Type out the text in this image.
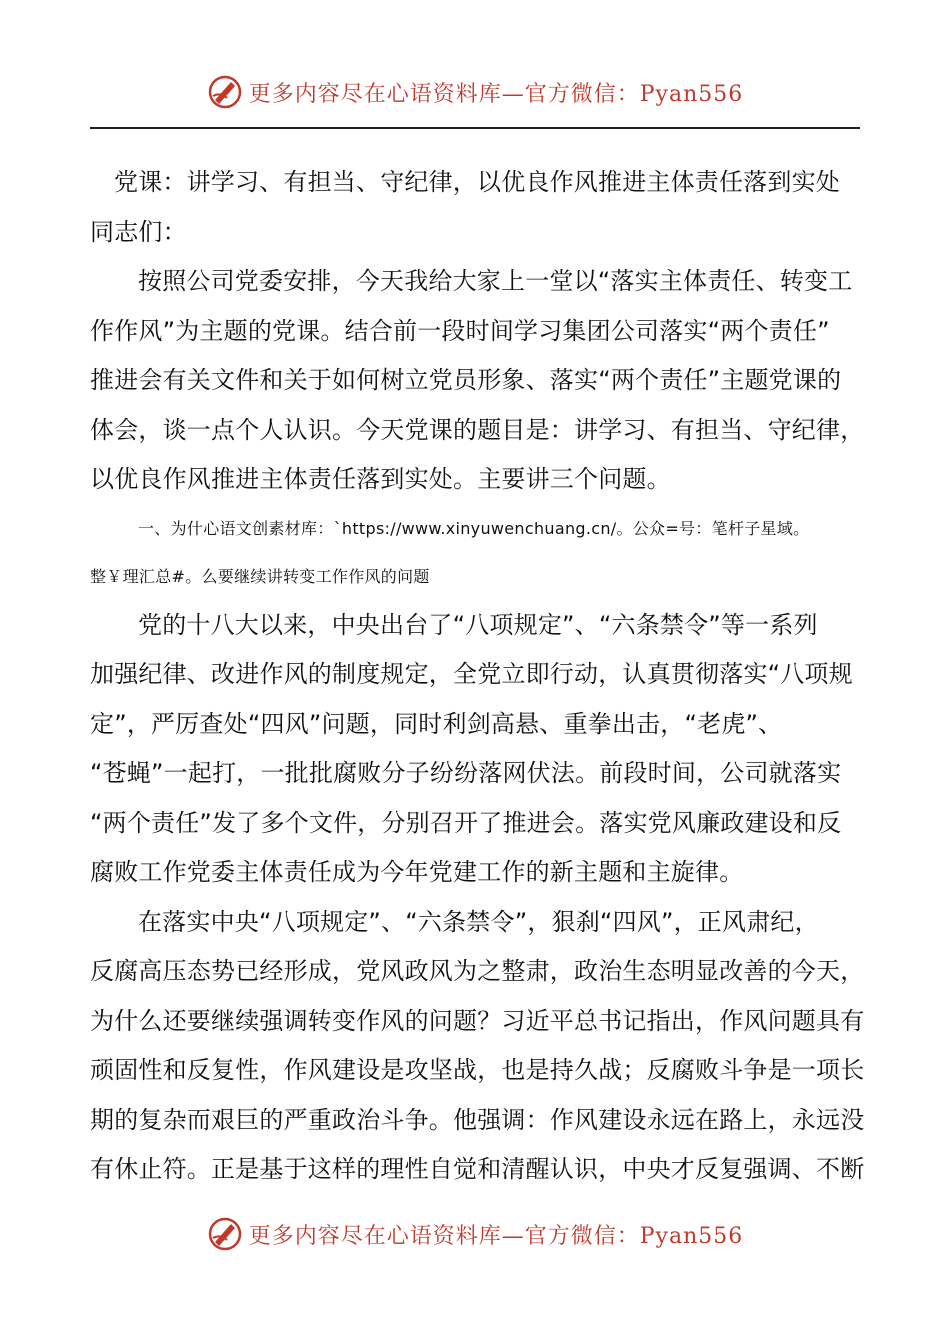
更多内容尽在心语资料库—官方微信：Pyan556
党课：讲学习、有担当、守纪律，以优良作风推进主体责任落到实处
同志们：
按照公司党委安排，今天我给大家上一堂以“落实主体责任、转变工
作作风”为主题的党课。结合前一段时间学习集团公司落实“两个责任”
推进会有关文件和关于如何树立党员形象、落实“两个责任”主题党课的
体会，谈一点个人认识。今天党课的题目是：讲学习、有担当、守纪律，
以优良作风推进主体责任落到实处。主要讲三个问题。
一、为什心语文创素材库：`https://www.xinyuwenchuang.cn/。公众=号：笔杆子星域。
整￥理汇总#。么要继续讲转变工作作风的问题
党的十八大以来，中央出台了“八项规定”、“六条禁令”等一系列
加强纪律、改进作风的制度规定，全党立即行动，认真贯彻落实“八项规
定”，严厉查处“四风”问题，同时利剑高悬、重拳出击，“老虎”、
“苍蝇”一起打，一批批腐败分子纷纷落网伏法。前段时间，公司就落实
“两个责任”发了多个文件，分别召开了推进会。落实党风廉政建设和反
腐败工作党委主体责任成为今年党建工作的新主题和主旋律。
在落实中央“八项规定”、“六条禁令”，狠刹“四风”，正风肃纪，
反腐高压态势已经形成，党风政风为之整肃，政治生态明显改善的今天，
为什么还要继续强调转变作风的问题？习近平总书记指出，作风问题具有
顽固性和反复性，作风建设是攻坚战，也是持久战；反腐败斗争是一项长
期的复杂而艰巨的严重政治斗争。他强调：作风建设永远在路上，永远没
有休止符。正是基于这样的理性自觉和清醒认识，中央才反复强调、不断
更多内容尽在心语资料库—官方微信：Pyan556
